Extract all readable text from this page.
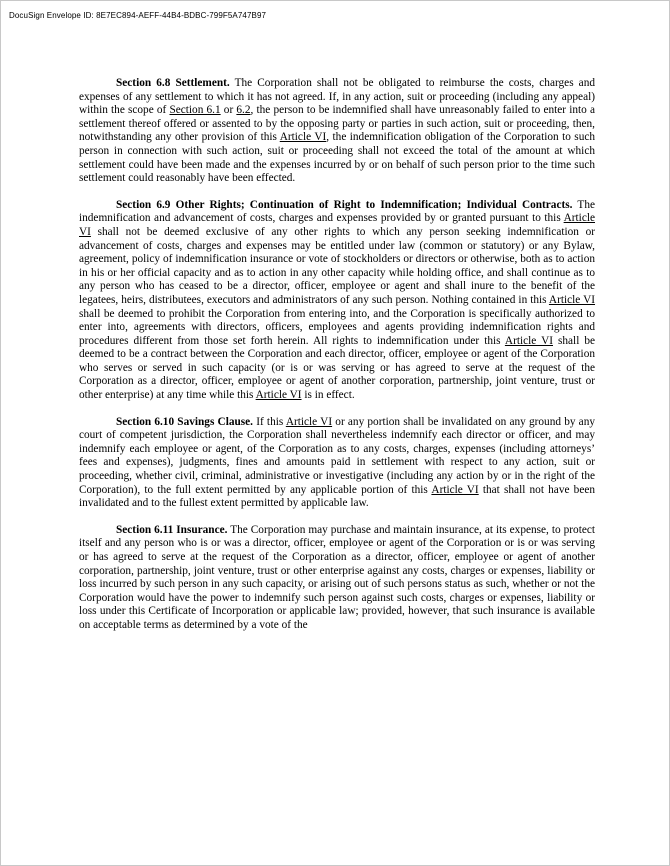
DocuSign Envelope ID: 8E7EC894-AEFF-44B4-BDBC-799F5A747B97

Section 6.8 Settlement. The Corporation shall not be obligated to reimburse the costs, charges and expenses of any settlement to which it has not agreed. If, in any action, suit or proceeding (including any appeal) within the scope of Section 6.1 or 6.2, the person to be indemnified shall have unreasonably failed to enter into a settlement thereof offered or assented to by the opposing party or parties in such action, suit or proceeding, then, notwithstanding any other provision of this Article VI, the indemnification obligation of the Corporation to such person in connection with such action, suit or proceeding shall not exceed the total of the amount at which settlement could have been made and the expenses incurred by or on behalf of such person prior to the time such settlement could reasonably have been effected.

Section 6.9 Other Rights; Continuation of Right to Indemnification; Individual Contracts. The indemnification and advancement of costs, charges and expenses provided by or granted pursuant to this Article VI shall not be deemed exclusive of any other rights to which any person seeking indemnification or advancement of costs, charges and expenses may be entitled under law (common or statutory) or any Bylaw, agreement, policy of indemnification insurance or vote of stockholders or directors or otherwise, both as to action in his or her official capacity and as to action in any other capacity while holding office, and shall continue as to any person who has ceased to be a director, officer, employee or agent and shall inure to the benefit of the legatees, heirs, distributees, executors and administrators of any such person. Nothing contained in this Article VI shall be deemed to prohibit the Corporation from entering into, and the Corporation is specifically authorized to enter into, agreements with directors, officers, employees and agents providing indemnification rights and procedures different from those set forth herein. All rights to indemnification under this Article VI shall be deemed to be a contract between the Corporation and each director, officer, employee or agent of the Corporation who serves or served in such capacity (or is or was serving or has agreed to serve at the request of the Corporation as a director, officer, employee or agent of another corporation, partnership, joint venture, trust or other enterprise) at any time while this Article VI is in effect.

Section 6.10 Savings Clause. If this Article VI or any portion shall be invalidated on any ground by any court of competent jurisdiction, the Corporation shall nevertheless indemnify each director or officer, and may indemnify each employee or agent, of the Corporation as to any costs, charges, expenses (including attorneys’ fees and expenses), judgments, fines and amounts paid in settlement with respect to any action, suit or proceeding, whether civil, criminal, administrative or investigative (including any action by or in the right of the Corporation), to the full extent permitted by any applicable portion of this Article VI that shall not have been invalidated and to the fullest extent permitted by applicable law.

Section 6.11 Insurance. The Corporation may purchase and maintain insurance, at its expense, to protect itself and any person who is or was a director, officer, employee or agent of the Corporation or is or was serving or has agreed to serve at the request of the Corporation as a director, officer, employee or agent of another corporation, partnership, joint venture, trust or other enterprise against any costs, charges or expenses, liability or loss incurred by such person in any such capacity, or arising out of such persons status as such, whether or not the Corporation would have the power to indemnify such person against such costs, charges or expenses, liability or loss under this Certificate of Incorporation or applicable law; provided, however, that such insurance is available on acceptable terms as determined by a vote of the
